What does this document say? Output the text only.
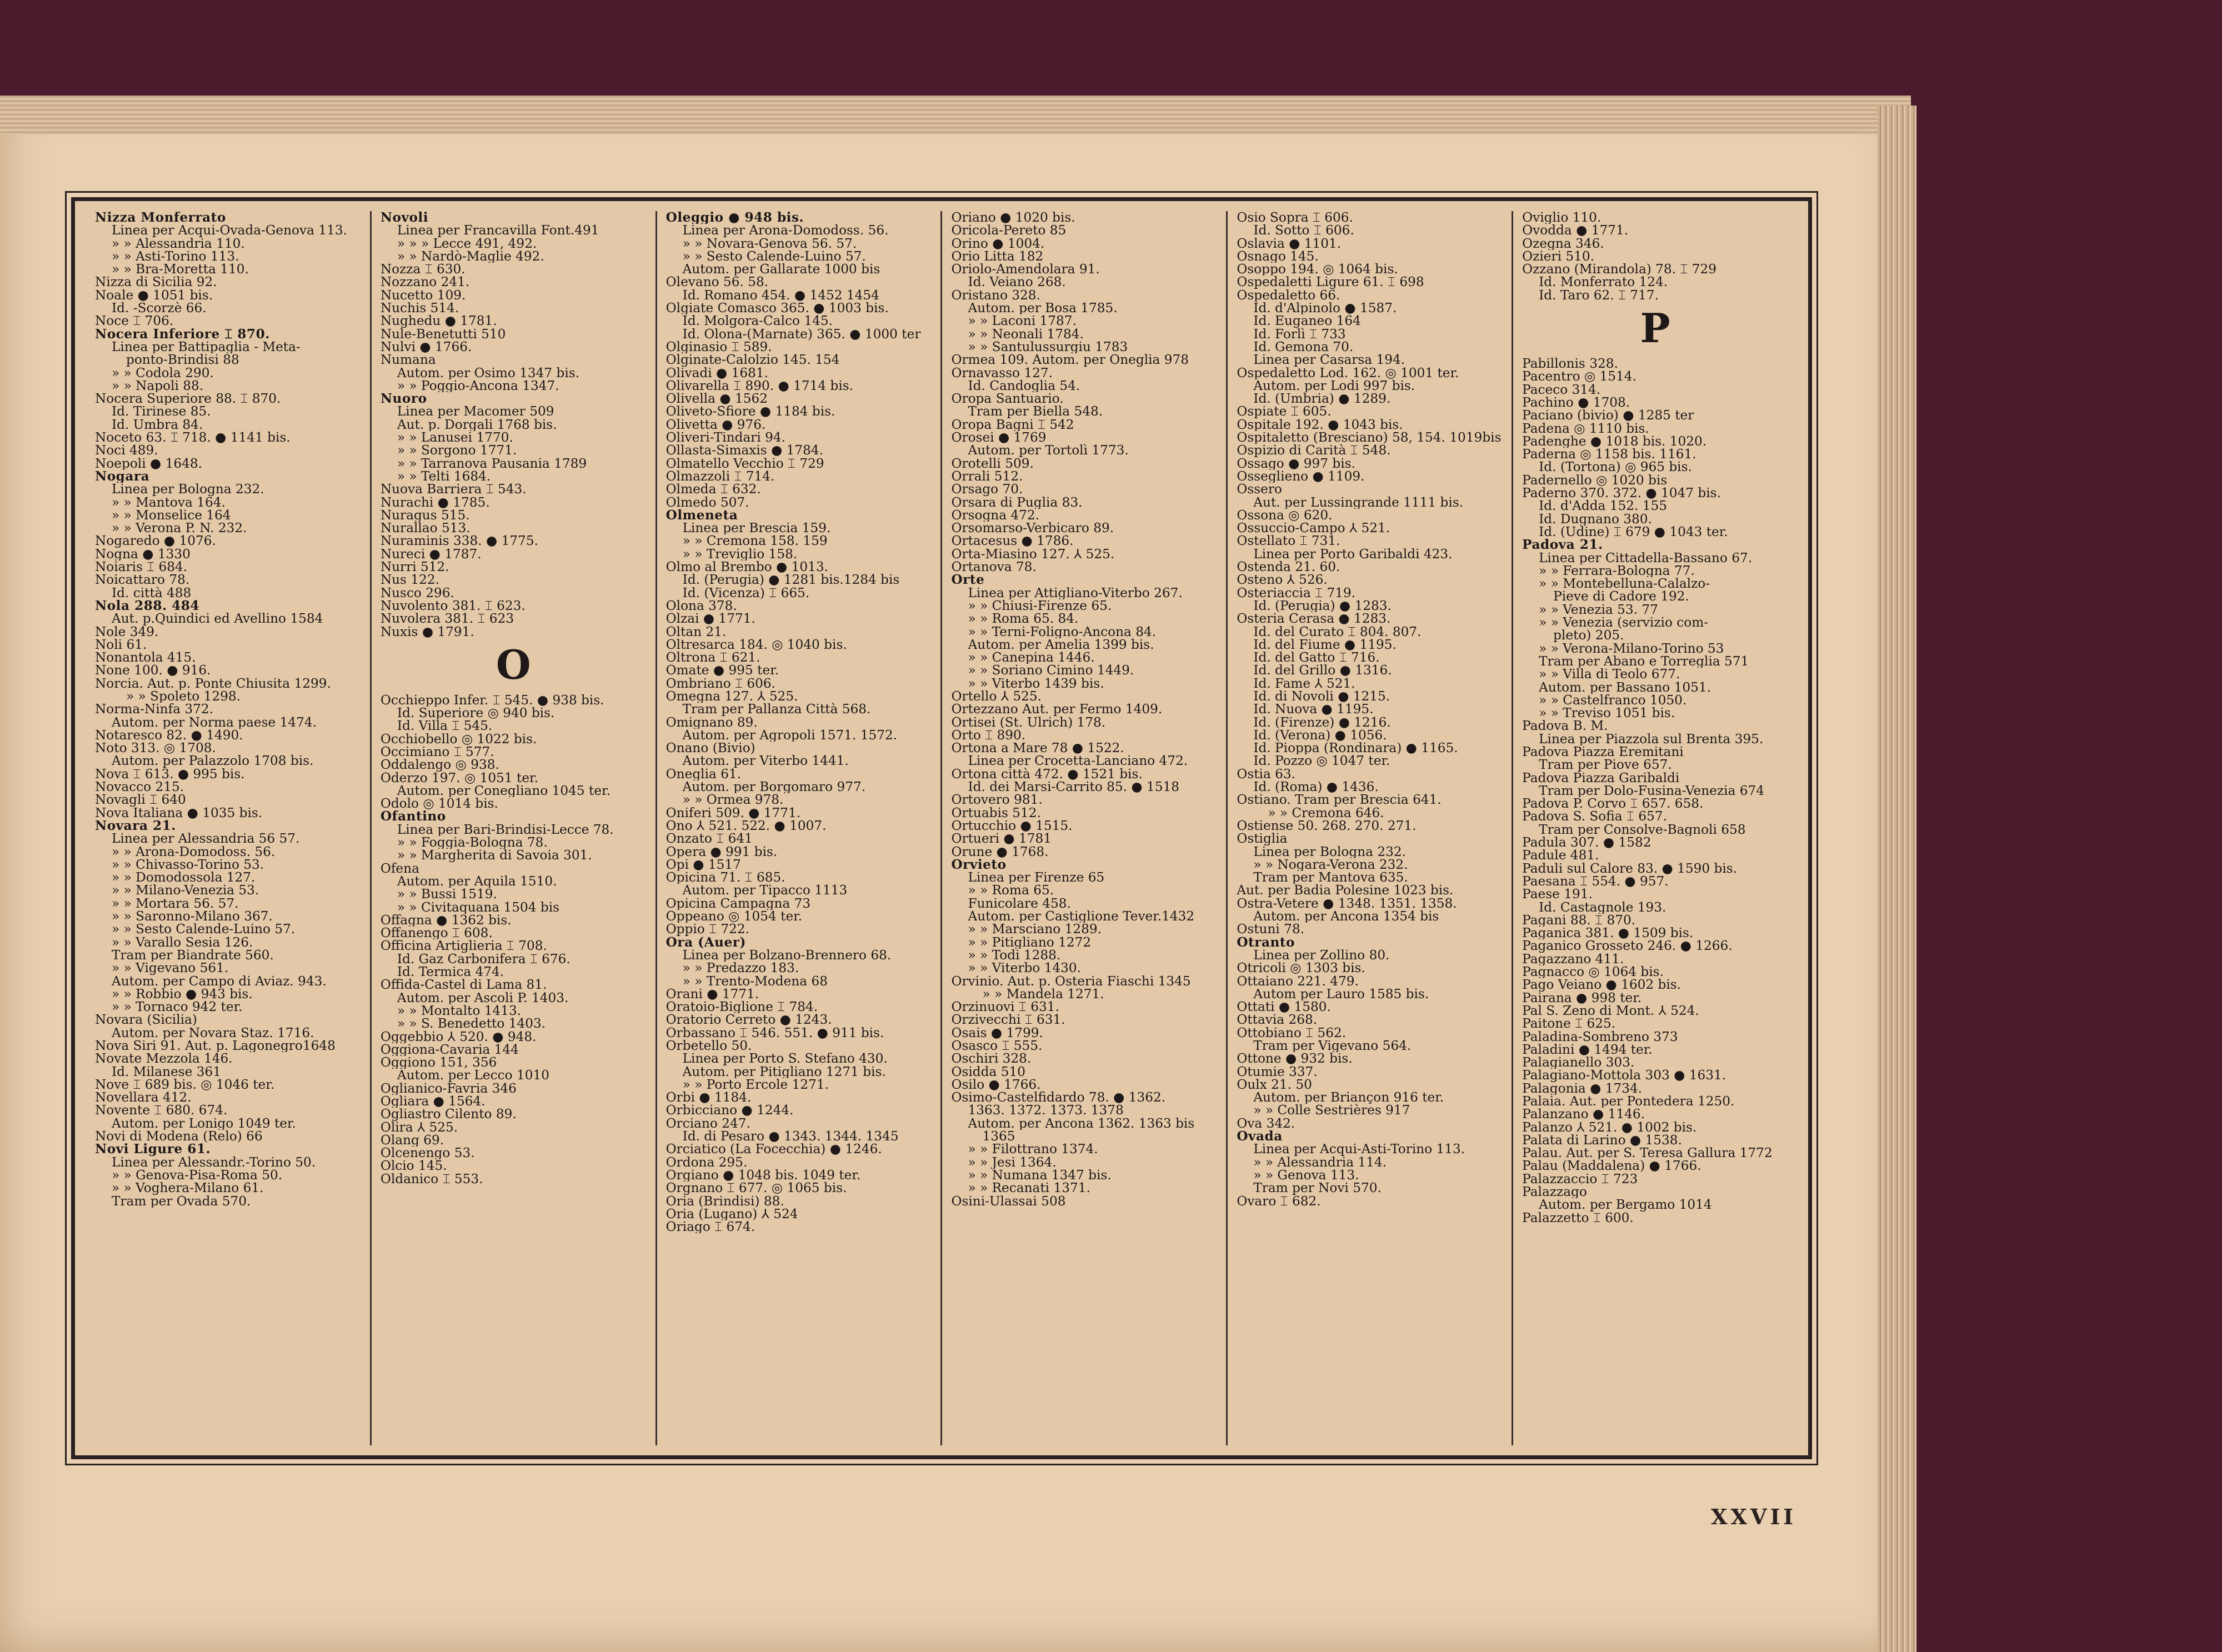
Nizza Monferrato
Linea per Acqui-Ovada-Genova 113.
» » Alessandria 110.
» » Asti-Torino 113.
» » Bra-Moretta 110.
Nizza di Sicilia 92.
Noale ● 1051 bis.
Id. -Scorzè 66.
Noce ⌶ 706.
Nocera Inferiore ⌶ 870.
Linea per Battipaglia - Meta-
ponto-Brindisi 88
» » Codola 290.
» » Napoli 88.
Nocera Superiore 88. ⌶ 870.
Id. Tirinese 85.
Id. Umbra 84.
Noceto 63. ⌶ 718. ● 1141 bis.
Noci 489.
Noepoli ● 1648.
Nogara
Linea per Bologna 232.
» » Mantova 164.
» » Monselice 164
» » Verona P. N. 232.
Nogaredo ● 1076.
Nogna ● 1330
Noiaris ⌶ 684.
Noicattaro 78.
Id. città 488
Nola 288. 484
Aut. p.Quindici ed Avellino 1584
Nole 349.
Noli 61.
Nonantola 415.
None 100. ● 916.
Norcia. Aut. p. Ponte Chiusita 1299.
» » Spoleto 1298.
Norma-Ninfa 372.
Autom. per Norma paese 1474.
Notaresco 82. ● 1490.
Noto 313. ◎ 1708.
Autom. per Palazzolo 1708 bis.
Nova ⌶ 613. ● 995 bis.
Novacco 215.
Novagli ⌶ 640
Nova Italiana ● 1035 bis.
Novara 21.
Linea per Alessandria 56 57.
» » Arona-Domodoss. 56.
» » Chivasso-Torino 53.
» » Domodossola 127.
» » Milano-Venezia 53.
» » Mortara 56. 57.
» » Saronno-Milano 367.
» » Sesto Calende-Luino 57.
» » Varallo Sesia 126.
Tram per Biandrate 560.
» » Vigevano 561.
Autom. per Campo di Aviaz. 943.
» » Robbio ● 943 bis.
» » Tornaco 942 ter.
Novara (Sicilia)
Autom. per Novara Staz. 1716.
Nova Siri 91. Aut. p. Lagonegro1648
Novate Mezzola 146.
Id. Milanese 361
Nove ⌶ 689 bis. ◎ 1046 ter.
Novellara 412.
Novente ⌶ 680. 674.
Autom. per Lonigo 1049 ter.
Novi di Modena (Relo) 66
Novi Ligure 61.
Linea per Alessandr.-Torino 50.
» » Genova-Pisa-Roma 50.
» » Voghera-Milano 61.
Tram per Ovada 570.
Novoli
Linea per Francavilla Font.491
» » » Lecce 491, 492.
» » Nardò-Maglie 492.
Nozza ⌶ 630.
Nozzano 241.
Nucetto 109.
Nuchis 514.
Nughedu ● 1781.
Nule-Benetutti 510
Nulvi ● 1766.
Numana
Autom. per Osimo 1347 bis.
» » Poggio-Ancona 1347.
Nuoro
Linea per Macomer 509
Aut. p. Dorgali 1768 bis.
» » Lanusei 1770.
» » Sorgono 1771.
» » Tarranova Pausania 1789
» » Telti 1684.
Nuova Barriera ⌶ 543.
Nurachi ● 1785.
Nuragus 515.
Nurallao 513.
Nuraminis 338. ● 1775.
Nureci ● 1787.
Nurri 512.
Nus 122.
Nusco 296.
Nuvolento 381. ⌶ 623.
Nuvolera 381. ⌶ 623
Nuxis ● 1791.
O
Occhieppo Infer. ⌶ 545. ● 938 bis.
Id. Superiore ◎ 940 bis.
Id. Villa ⌶ 545.
Occhiobello ◎ 1022 bis.
Occimiano ⌶ 577.
Oddalengo ◎ 938.
Oderzo 197. ◎ 1051 ter.
Autom. per Conegliano 1045 ter.
Odolo ◎ 1014 bis.
Ofantino
Linea per Bari-Brindisi-Lecce 78.
» » Foggia-Bologna 78.
» » Margherita di Savoia 301.
Ofena
Autom. per Aquila 1510.
» » Bussi 1519.
» » Civitaquana 1504 bis
Offagna ● 1362 bis.
Offanengo ⌶ 608.
Officina Artiglieria ⌶ 708.
Id. Gaz Carbonifera ⌶ 676.
Id. Termica 474.
Offida-Castel di Lama 81.
Autom. per Ascoli P. 1403.
» » Montalto 1413.
» » S. Benedetto 1403.
Oggebbio ⅄ 520. ● 948.
Oggiona-Cavaria 144
Oggiono 151, 356
Autom. per Lecco 1010
Oglianico-Favria 346
Ogliara ● 1564.
Ogliastro Cilento 89.
Olira ⅄ 525.
Olang 69.
Olcenengo 53.
Olcio 145.
Oldanico ⌶ 553.
Oleggio ● 948 bis.
Linea per Arona-Domodoss. 56.
» » Novara-Genova 56. 57.
» » Sesto Calende-Luino 57.
Autom. per Gallarate 1000 bis
Olevano 56. 58.
Id. Romano 454. ● 1452 1454
Olgiate Comasco 365. ● 1003 bis.
Id. Molgora-Calco 145.
Id. Olona-(Marnate) 365. ● 1000 ter
Olginasio ⌶ 589.
Olginate-Calolzio 145. 154
Olivadi ● 1681.
Olivarella ⌶ 890. ● 1714 bis.
Olivella ● 1562
Oliveto-Sfiore ● 1184 bis.
Olivetta ● 976.
Oliveri-Tindari 94.
Ollasta-Simaxis ● 1784.
Olmatello Vecchio ⌶ 729
Olmazzoli ⌶ 714.
Olmeda ⌶ 632.
Olmedo 507.
Olmeneta
Linea per Brescia 159.
» » Cremona 158. 159
» » Treviglio 158.
Olmo al Brembo ● 1013.
Id. (Perugia) ● 1281 bis.1284 bis
Id. (Vicenza) ⌶ 665.
Olona 378.
Olzai ● 1771.
Oltan 21.
Oltresarca 184. ◎ 1040 bis.
Oltrona ⌶ 621.
Omate ● 995 ter.
Ombriano ⌶ 606.
Omegna 127. ⅄ 525.
Tram per Pallanza Città 568.
Omignano 89.
Autom. per Agropoli 1571. 1572.
Onano (Bivio)
Autom. per Viterbo 1441.
Oneglia 61.
Autom. per Borgomaro 977.
» » Ormea 978.
Oniferi 509. ● 1771.
Ono ⅄ 521. 522. ● 1007.
Onzato ⌶ 641
Opera ● 991 bis.
Opi ● 1517
Opicina 71. ⌶ 685.
Autom. per Tipacco 1113
Opicina Campagna 73
Oppeano ◎ 1054 ter.
Oppio ⌶ 722.
Ora (Auer)
Linea per Bolzano-Brennero 68.
» » Predazzo 183.
» » Trento-Modena 68
Orani ● 1771.
Oratoio-Biglione ⌶ 784.
Oratorio Cerreto ● 1243.
Orbassano ⌶ 546. 551. ● 911 bis.
Orbetello 50.
Linea per Porto S. Stefano 430.
Autom. per Pitigliano 1271 bis.
» » Porto Ercole 1271.
Orbi ● 1184.
Orbicciano ● 1244.
Orciano 247.
Id. di Pesaro ● 1343. 1344. 1345
Orciatico (La Focecchia) ● 1246.
Ordona 295.
Orgiano ● 1048 bis. 1049 ter.
Orgnano ⌶ 677. ◎ 1065 bis.
Oria (Brindisi) 88.
Oria (Lugano) ⅄ 524
Oriago ⌶ 674.
Oriano ● 1020 bis.
Oricola-Pereto 85
Orino ● 1004.
Orio Litta 182
Oriolo-Amendolara 91.
Id. Veiano 268.
Oristano 328.
Autom. per Bosa 1785.
» » Laconi 1787.
» » Neonali 1784.
» » Santulussurgiu 1783
Ormea 109. Autom. per Oneglia 978
Ornavasso 127.
Id. Candoglia 54.
Oropa Santuario.
Tram per Biella 548.
Oropa Bagni ⌶ 542
Orosei ● 1769
Autom. per Tortolì 1773.
Orotelli 509.
Orrali 512.
Orsago 70.
Orsara di Puglia 83.
Orsogna 472.
Orsomarso-Verbicaro 89.
Ortacesus ● 1786.
Orta-Miasino 127. ⅄ 525.
Ortanova 78.
Orte
Linea per Attigliano-Viterbo 267.
» » Chiusi-Firenze 65.
» » Roma 65. 84.
» » Terni-Foligno-Ancona 84.
Autom. per Amelia 1399 bis.
» » Canepina 1446.
» » Soriano Cimino 1449.
» » Viterbo 1439 bis.
Ortello ⅄ 525.
Ortezzano Aut. per Fermo 1409.
Ortisei (St. Ulrich) 178.
Orto ⌶ 890.
Ortona a Mare 78 ● 1522.
Linea per Crocetta-Lanciano 472.
Ortona città 472. ● 1521 bis.
Id. dei Marsi-Carrito 85. ● 1518
Ortovero 981.
Ortuabis 512.
Ortucchio ● 1515.
Ortueri ● 1781
Orune ● 1768.
Orvieto
Linea per Firenze 65
» » Roma 65.
Funicolare 458.
Autom. per Castiglione Tever.1432
» » Marsciano 1289.
» » Pitigliano 1272
» » Todi 1288.
» » Viterbo 1430.
Orvinio. Aut. p. Osteria Fiaschi 1345
» » Mandela 1271.
Orzinuovi ⌶ 631.
Orzivecchi ⌶ 631.
Osais ● 1799.
Osasco ⌶ 555.
Oschiri 328.
Osidda 510
Osilo ● 1766.
Osimo-Castelfidardo 78. ● 1362.
1363. 1372. 1373. 1378
Autom. per Ancona 1362. 1363 bis
1365
» » Filottrano 1374.
» » Jesi 1364.
» » Numana 1347 bis.
» » Recanati 1371.
Osini-Ulassai 508
Osio Sopra ⌶ 606.
Id. Sotto ⌶ 606.
Oslavia ● 1101.
Osnago 145.
Osoppo 194. ◎ 1064 bis.
Ospedaletti Ligure 61. ⌶ 698
Ospedaletto 66.
Id. d'Alpinolo ● 1587.
Id. Euganeo 164
Id. Forlì ⌶ 733
Id. Gemona 70.
Linea per Casarsa 194.
Ospedaletto Lod. 162. ◎ 1001 ter.
Autom. per Lodi 997 bis.
Id. (Umbria) ● 1289.
Ospiate ⌶ 605.
Ospitale 192. ● 1043 bis.
Ospitaletto (Bresciano) 58, 154. 1019bis
Ospizio di Carità ⌶ 548.
Ossago ● 997 bis.
Osseglieno ● 1109.
Ossero
Aut. per Lussingrande 1111 bis.
Ossona ◎ 620.
Ossuccio-Campo ⅄ 521.
Ostellato ⌶ 731.
Linea per Porto Garibaldi 423.
Ostenda 21. 60.
Osteno ⅄ 526.
Osteriaccia ⌶ 719.
Id. (Perugia) ● 1283.
Osteria Cerasa ● 1283.
Id. del Curato ⌶ 804. 807.
Id. del Fiume ● 1195.
Id. del Gatto ⌶ 716.
Id. del Grillo ● 1316.
Id. Fame ⅄ 521.
Id. di Novoli ● 1215.
Id. Nuova ● 1195.
Id. (Firenze) ● 1216.
Id. (Verona) ● 1056.
Id. Pioppa (Rondinara) ● 1165.
Id. Pozzo ◎ 1047 ter.
Ostia 63.
Id. (Roma) ● 1436.
Ostiano. Tram per Brescia 641.
» » Cremona 646.
Ostiense 50. 268. 270. 271.
Ostiglia
Linea per Bologna 232.
» » Nogara-Verona 232.
Tram per Mantova 635.
Aut. per Badia Polesine 1023 bis.
Ostra-Vetere ● 1348. 1351. 1358.
Autom. per Ancona 1354 bis
Ostuni 78.
Otranto
Linea per Zollino 80.
Otricoli ◎ 1303 bis.
Ottaiano 221. 479.
Autom per Lauro 1585 bis.
Ottati ● 1580.
Ottavia 268.
Ottobiano ⌶ 562.
Tram per Vigevano 564.
Ottone ● 932 bis.
Otumie 337.
Oulx 21. 50
Autom. per Briançon 916 ter.
» » Colle Sestrières 917
Ova 342.
Ovada
Linea per Acqui-Asti-Torino 113.
» » Alessandria 114.
» » Genova 113.
Tram per Novi 570.
Ovaro ⌶ 682.
Oviglio 110.
Ovodda ● 1771.
Ozegna 346.
Ozieri 510.
Ozzano (Mirandola) 78. ⌶ 729
Id. Monferrato 124.
Id. Taro 62. ⌶ 717.
P
Pabillonis 328.
Pacentro ◎ 1514.
Paceco 314.
Pachino ● 1708.
Paciano (bivio) ● 1285 ter
Padena ◎ 1110 bis.
Padenghe ● 1018 bis. 1020.
Paderna ◎ 1158 bis. 1161.
Id. (Tortona) ◎ 965 bis.
Padernello ◎ 1020 bis
Paderno 370. 372. ● 1047 bis.
Id. d'Adda 152. 155
Id. Dugnano 380.
Id. (Udine) ⌶ 679 ● 1043 ter.
Padova 21.
Linea per Cittadella-Bassano 67.
» » Ferrara-Bologna 77.
» » Montebelluna-Calalzo-
Pieve di Cadore 192.
» » Venezia 53. 77
» » Venezia (servizio com-
pleto) 205.
» » Verona-Milano-Torino 53
Tram per Abano e Torreglia 571
» » Villa di Teolo 677.
Autom. per Bassano 1051.
» » Castelfranco 1050.
» » Treviso 1051 bis.
Padova B. M.
Linea per Piazzola sul Brenta 395.
Padova Piazza Eremitani
Tram per Piove 657.
Padova Piazza Garibaldi
Tram per Dolo-Fusina-Venezia 674
Padova P. Corvo ⌶ 657. 658.
Padova S. Sofia ⌶ 657.
Tram per Consolve-Bagnoli 658
Padula 307. ● 1582
Padule 481.
Paduli sul Calore 83. ● 1590 bis.
Paesana ⌶ 554. ● 957.
Paese 191.
Id. Castagnole 193.
Pagani 88. ⌶ 870.
Paganica 381. ● 1509 bis.
Paganico Grosseto 246. ● 1266.
Pagazzano 411.
Pagnacco ◎ 1064 bis.
Pago Veiano ● 1602 bis.
Pairana ● 998 ter.
Pal S. Zeno di Mont. ⅄ 524.
Paitone ⌶ 625.
Paladina-Sombreno 373
Paladini ● 1494 ter.
Palagianello 303.
Palagiano-Mottola 303 ● 1631.
Palagonia ● 1734.
Palaia. Aut. per Pontedera 1250.
Palanzano ● 1146.
Palanzo ⅄ 521. ● 1002 bis.
Palata di Larino ● 1538.
Palau. Aut. per S. Teresa Gallura 1772
Palau (Maddalena) ● 1766.
Palazzaccio ⌶ 723
Palazzago
Autom. per Bergamo 1014
Palazzetto ⌶ 600.
XXVII
